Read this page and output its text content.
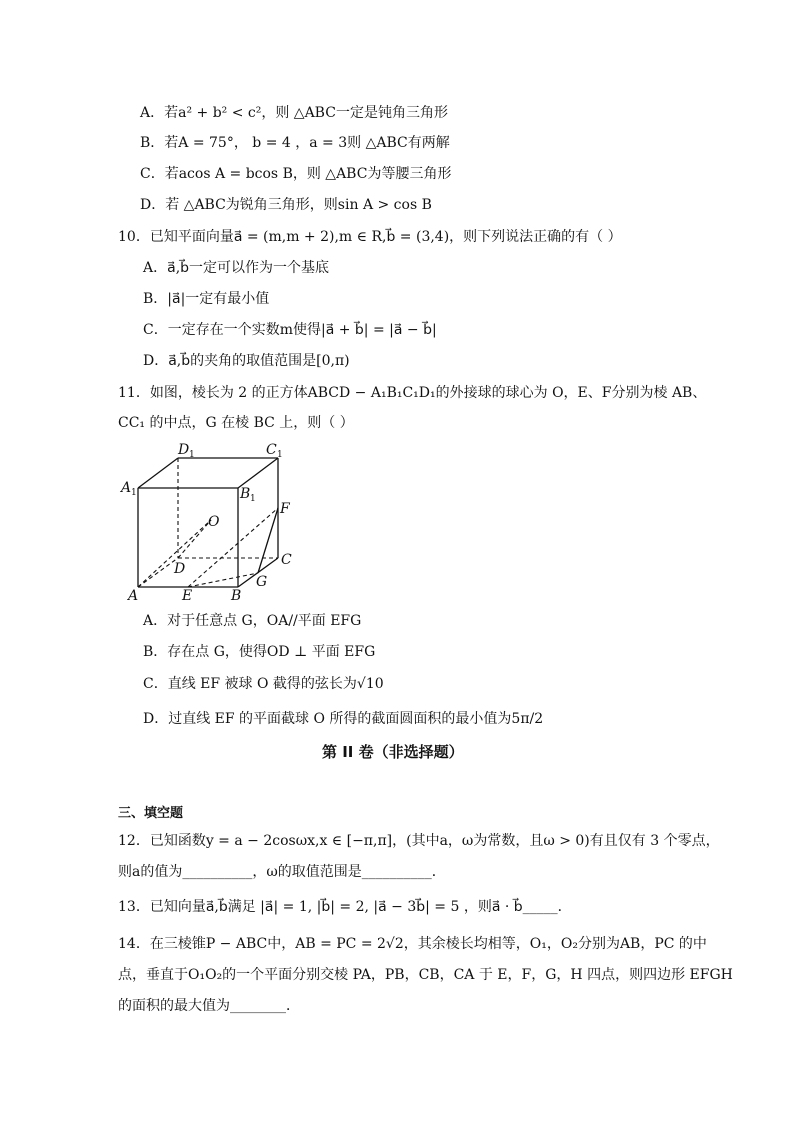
A．若a² + b² < c²，则 △ABC一定是钝角三角形
B．若A = 75°， b = 4 ，a = 3则 △ABC有两解
C．若acos A = bcos B，则 △ABC为等腰三角形
D．若 △ABC为锐角三角形，则sin A > cos B
10．已知平面向量a⃗ = (m,m + 2),m ∈ R,b⃗ = (3,4)，则下列说法正确的有（ ）
A．a⃗,b⃗一定可以作为一个基底
B．|a⃗|一定有最小值
C．一定存在一个实数m使得|a⃗ + b⃗| = |a⃗ − b⃗|
D．a⃗,b⃗的夹角的取值范围是[0,π)
11．如图，棱长为 2 的正方体ABCD − A₁B₁C₁D₁的外接球的球心为 O，E、F分别为棱 AB、
CC₁ 的中点，G 在棱 BC 上，则（ ）
A	E	B
G
C
D
O
F
A 1	B 1
D 1	C 1
A．对于任意点 G，OA//平面 EFG
B．存在点 G，使得OD ⊥ 平面 EFG
C．直线 EF 被球 O 截得的弦长为√10
D．过直线 EF 的平面截球 O 所得的截面圆面积的最小值为5π/2
第 II 卷（非选择题）
三、填空题
12．已知函数y = a − 2cosωx,x ∈ [−π,π]，(其中a，ω为常数，且ω > 0)有且仅有 3 个零点，
则a的值为__________，ω的取值范围是__________．
13．已知向量a⃗,b⃗满足 |a⃗| = 1, |b⃗| = 2, |a⃗ − 3b⃗| = 5 ，则a⃗ · b⃗_____．
14．在三棱锥P − ABC中，AB = PC = 2√2，其余棱长均相等，O₁，O₂分别为AB，PC 的中
点，垂直于O₁O₂的一个平面分别交棱 PA，PB，CB，CA 于 E，F，G，H 四点，则四边形 EFGH
的面积的最大值为________．
